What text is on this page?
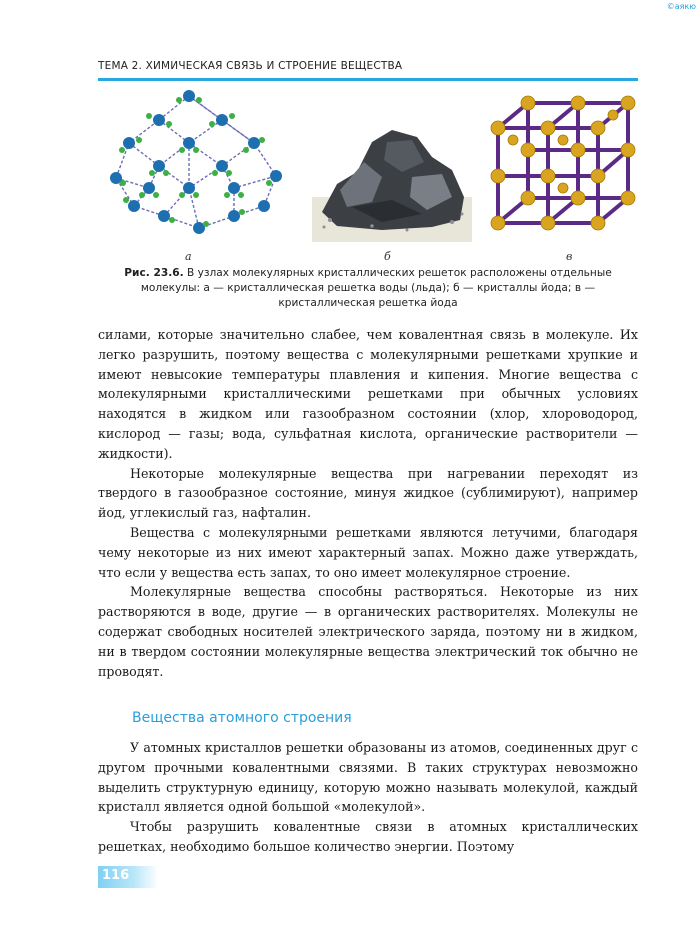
©аякю
ТЕМА 2. ХИМИЧЕСКАЯ СВЯЗЬ И СТРОЕНИЕ ВЕЩЕСТВА
а	б	в
Рис. 23.6. В узлах молекулярных кристаллических решеток расположены отдельные молекулы: а — кристаллическая решетка воды (льда); б — кристаллы йода; в — кристаллическая решетка йода

силами, которые значительно слабее, чем ковалентная связь в молекуле. Их легко разрушить, поэтому вещества с молекулярными решетками хрупкие и имеют невысокие температуры плавления и кипения. Многие вещества с молекулярными кристаллическими решетками при обычных условиях находятся в жидком или газообразном состоянии (хлор, хлороводород, кислород — газы; вода, сульфатная кислота, органические растворители — жидкости).

Некоторые молекулярные вещества при нагревании переходят из твердого в газообразное состояние, минуя жидкое (сублимируют), например йод, углекислый газ, нафталин.

Вещества с молекулярными решетками являются летучими, благодаря чему некоторые из них имеют характерный запах. Можно даже утверждать, что если у вещества есть запах, то оно имеет молекулярное строение.

Молекулярные вещества способны растворяться. Некоторые из них растворяются в воде, другие — в органических растворителях. Молекулы не содержат свободных носителей электрического заряда, поэтому ни в жидком, ни в твердом состоянии молекулярные вещества электрический ток обычно не проводят.

Вещества атомного строения

У атомных кристаллов решетки образованы из атомов, соединенных друг с другом прочными ковалентными связями. В таких структурах невозможно выделить структурную единицу, которую можно называть молекулой, каждый кристалл является одной большой «молекулой».

Чтобы разрушить ковалентные связи в атомных кристаллических решетках, необходимо большое количество энергии. Поэтому

116
